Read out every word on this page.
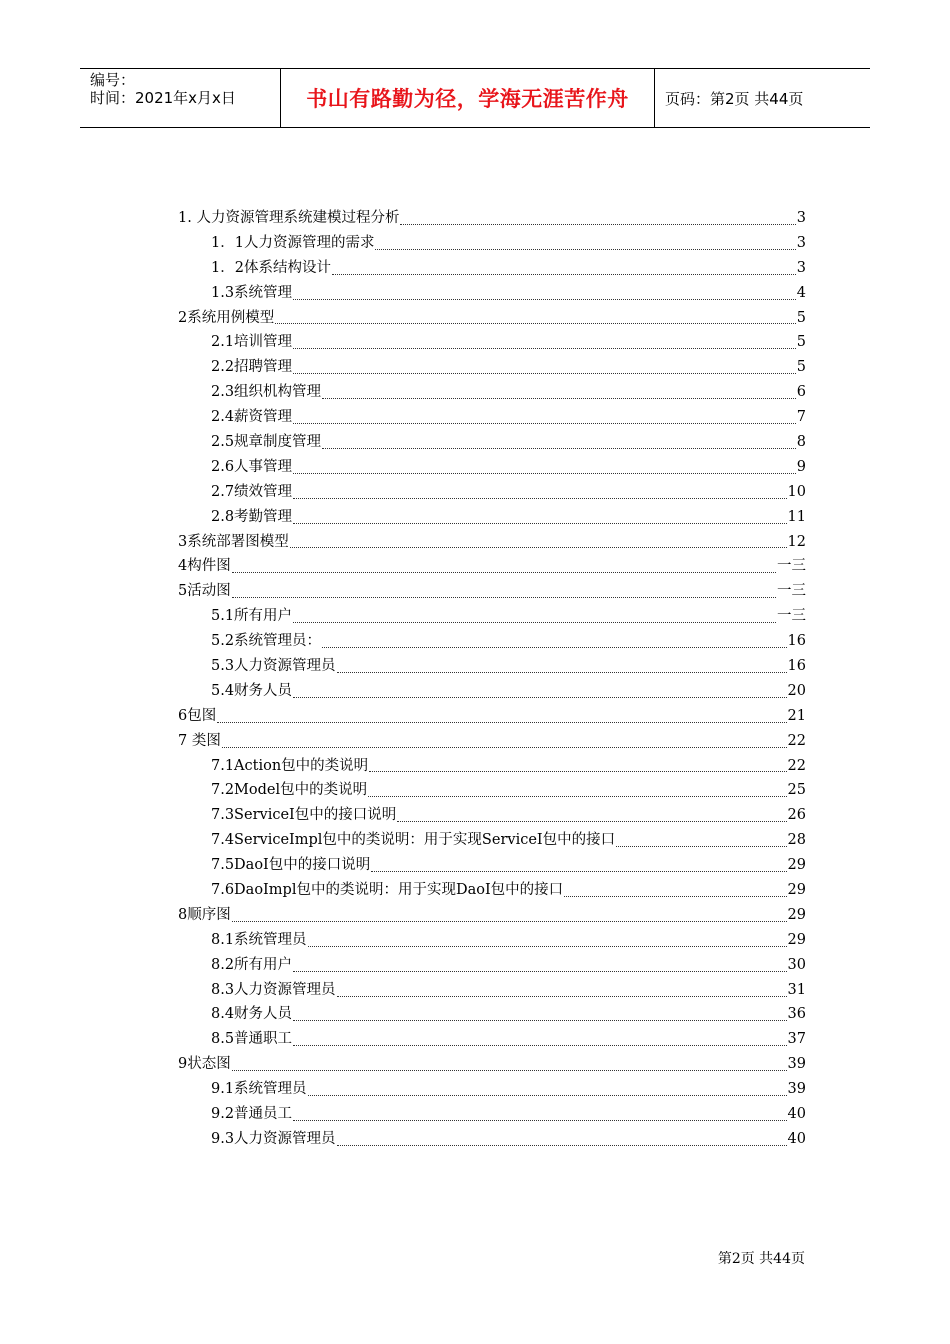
编号：
时间：2021年x月x日	书山有路勤为径，学海无涯苦作舟	页码：第2页 共44页
1. 人力资源管理系统建模过程分析	3
1．1人力资源管理的需求	3
1．2体系结构设计	3
1.3系统管理	4
2系统用例模型	5
2.1培训管理	5
2.2招聘管理	5
2.3组织机构管理	6
2.4薪资管理	7
2.5规章制度管理	8
2.6人事管理	9
2.7绩效管理	10
2.8考勤管理	11
3系统部署图模型	12
4构件图	一三
5活动图	一三
5.1所有用户	一三
5.2系统管理员：	16
5.3人力资源管理员	16
5.4财务人员	20
6包图	21
7 类图	22
7.1Action包中的类说明	22
7.2Model包中的类说明	25
7.3ServiceI包中的接口说明	26
7.4ServiceImpl包中的类说明：用于实现ServiceI包中的接口	28
7.5DaoI包中的接口说明	29
7.6DaoImpl包中的类说明：用于实现DaoI包中的接口	29
8顺序图	29
8.1系统管理员	29
8.2所有用户	30
8.3人力资源管理员	31
8.4财务人员	36
8.5普通职工	37
9状态图	39
9.1系统管理员	39
9.2普通员工	40
9.3人力资源管理员	40
第2页 共44页
